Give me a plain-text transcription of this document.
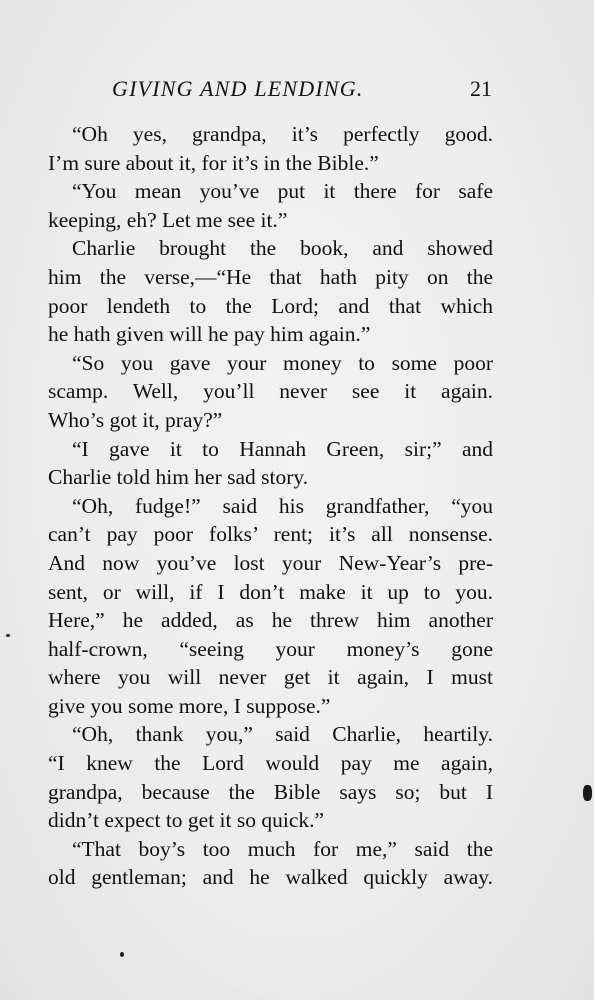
GIVING AND LENDING.	21
“Oh yes, grandpa, it’s perfectly good.
I’m sure about it, for it’s in the Bible.”
“You mean you’ve put it there for safe
keeping, eh? Let me see it.”
Charlie brought the book, and showed
him the verse,—“He that hath pity on the
poor lendeth to the Lord; and that which
he hath given will he pay him again.”
“So you gave your money to some poor
scamp. Well, you’ll never see it again.
Who’s got it, pray?”
“I gave it to Hannah Green, sir;” and
Charlie told him her sad story.
“Oh, fudge!” said his grandfather, “you
can’t pay poor folks’ rent; it’s all nonsense.
And now you’ve lost your New-Year’s pre-
sent, or will, if I don’t make it up to you.
Here,” he added, as he threw him another
half-crown, “seeing your money’s gone
where you will never get it again, I must
give you some more, I suppose.”
“Oh, thank you,” said Charlie, heartily.
“I knew the Lord would pay me again,
grandpa, because the Bible says so; but I
didn’t expect to get it so quick.”
“That boy’s too much for me,” said the
old gentleman; and he walked quickly away.
